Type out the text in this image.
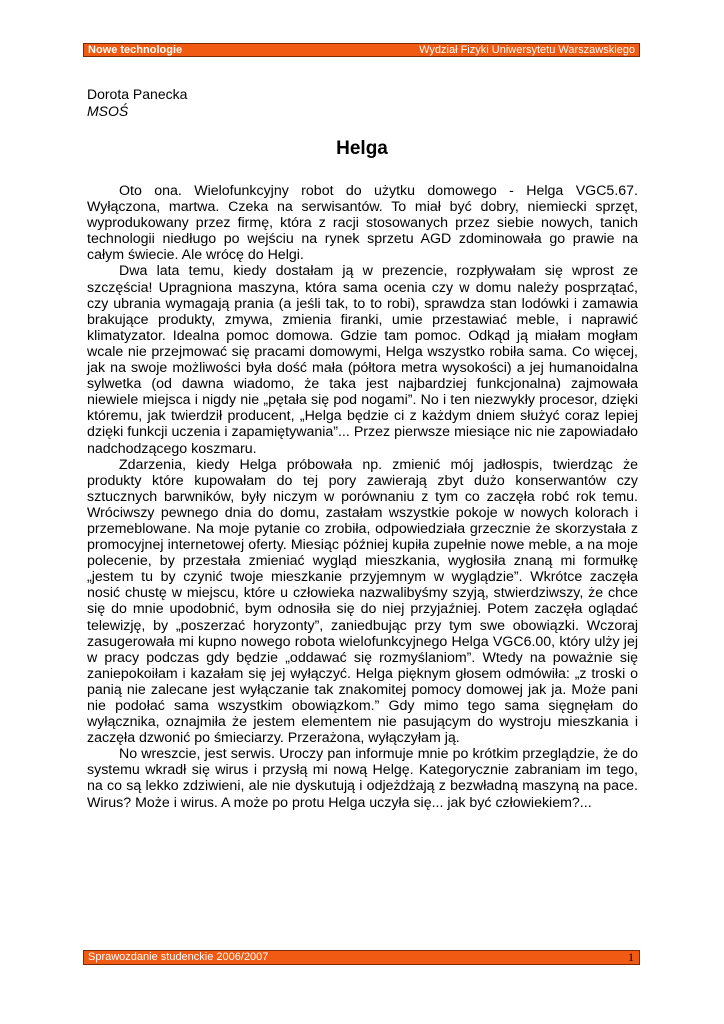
Nowe technologie	Wydział Fizyki Uniwersytetu Warszawskiego
Dorota Panecka
MSOŚ
Helga

Oto ona. Wielofunkcyjny robot do użytku domowego - Helga VGC5.67. Wyłączona, martwa. Czeka na serwisantów. To miał być dobry, niemiecki sprzęt, wyprodukowany przez firmę, która z racji stosowanych przez siebie nowych, tanich technologii niedługo po wejściu na rynek sprzetu AGD zdominowała go prawie na całym świecie. Ale wrócę do Helgi.

Dwa lata temu, kiedy dostałam ją w prezencie, rozpływałam się wprost ze szczęścia! Upragniona maszyna, która sama ocenia czy w domu należy posprzątać, czy ubrania wymagają prania (a jeśli tak, to to robi), sprawdza stan lodówki i zamawia brakujące produkty, zmywa, zmienia firanki, umie przestawiać meble, i naprawić klimatyzator. Idealna pomoc domowa. Gdzie tam pomoc. Odkąd ją miałam mogłam wcale nie przejmować się pracami domowymi, Helga wszystko robiła sama. Co więcej, jak na swoje możliwości była dość mała (półtora metra wysokości) a jej humanoidalna sylwetka (od dawna wiadomo, że taka jest najbardziej funkcjonalna) zajmowała niewiele miejsca i nigdy nie „pętała się pod nogami”. No i ten niezwykły procesor, dzięki któremu, jak twierdził producent, „Helga będzie ci z każdym dniem służyć coraz lepiej dzięki funkcji uczenia i zapamiętywania”... Przez pierwsze miesiące nic nie zapowiadało nadchodzącego koszmaru.

Zdarzenia, kiedy Helga próbowała np. zmienić mój jadłospis, twierdząc że produkty które kupowałam do tej pory zawierają zbyt dużo konserwantów czy sztucznych barwników, były niczym w porównaniu z tym co zaczęła robć rok temu. Wróciwszy pewnego dnia do domu, zastałam wszystkie pokoje w nowych kolorach i przemeblowane. Na moje pytanie co zrobiła, odpowiedziała grzecznie że skorzystała z promocyjnej internetowej oferty. Miesiąc później kupiła zupełnie nowe meble, a na moje polecenie, by przestała zmieniać wygląd mieszkania, wygłosiła znaną mi formułkę „jestem tu by czynić twoje mieszkanie przyjemnym w wyglądzie”. Wkrótce zaczęła nosić chustę w miejscu, które u człowieka nazwalibyśmy szyją, stwierdziwszy, że chce się do mnie upodobnić, bym odnosiła się do niej przyjaźniej. Potem zaczęła oglądać telewizję, by „poszerzać horyzonty”, zaniedbując przy tym swe obowiązki. Wczoraj zasugerowała mi kupno nowego robota wielofunkcyjnego Helga VGC6.00, który ulży jej w pracy podczas gdy będzie „oddawać się rozmyślaniom”. Wtedy na poważnie się zaniepokoiłam i kazałam się jej wyłączyć. Helga pięknym głosem odmówiła: „z troski o panią nie zalecane jest wyłączanie tak znakomitej pomocy domowej jak ja. Może pani nie podołać sama wszystkim obowiązkom.” Gdy mimo tego sama sięgnęłam do wyłącznika, oznajmiła że jestem elementem nie pasującym do wystroju mieszkania i zaczęła dzwonić po śmieciarzy. Przerażona, wyłączyłam ją.

No wreszcie, jest serwis. Uroczy pan informuje mnie po krótkim przeglądzie, że do systemu wkradł się wirus i przysłą mi nową Helgę. Kategorycznie zabraniam im tego, na co są lekko zdziwieni, ale nie dyskutują i odjeżdżają z bezwładną maszyną na pace. Wirus? Może i wirus. A może po protu Helga uczyła się... jak być człowiekiem?...

Sprawozdanie studenckie 2006/2007	1
